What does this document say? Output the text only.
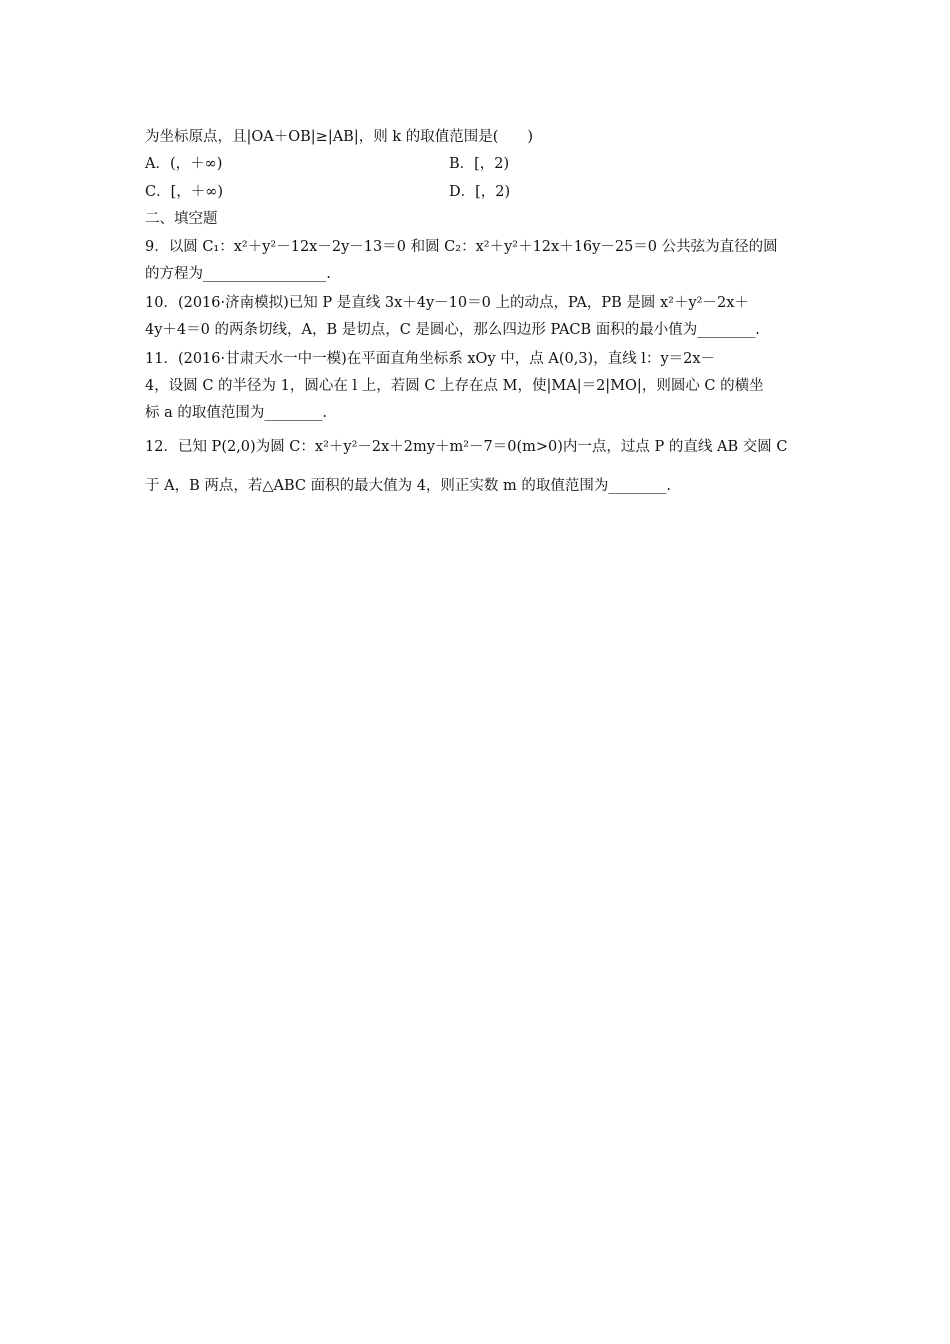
为坐标原点，且|OA＋OB|≥|AB|，则 k 的取值范围是(　　)
A．(，＋∞)	B．[，2)
C．[，＋∞)	D．[，2)
二、填空题
9．以圆 C₁：x²＋y²－12x－2y－13＝0 和圆 C₂：x²＋y²＋12x＋16y－25＝0 公共弦为直径的圆
的方程为_________________.
10．(2016·济南模拟)已知 P 是直线 3x＋4y－10＝0 上的动点，PA，PB 是圆 x²＋y²－2x＋
4y＋4＝0 的两条切线，A，B 是切点，C 是圆心，那么四边形 PACB 面积的最小值为________.
11．(2016·甘肃天水一中一模)在平面直角坐标系 xOy 中，点 A(0,3)，直线 l：y＝2x－
4，设圆 C 的半径为 1，圆心在 l 上，若圆 C 上存在点 M，使|MA|＝2|MO|，则圆心 C 的横坐
标 a 的取值范围为________.
12．已知 P(2,0)为圆 C：x²＋y²－2x＋2my＋m²－7＝0(m>0)内一点，过点 P 的直线 AB 交圆 C
于 A，B 两点，若△ABC 面积的最大值为 4，则正实数 m 的取值范围为________.
